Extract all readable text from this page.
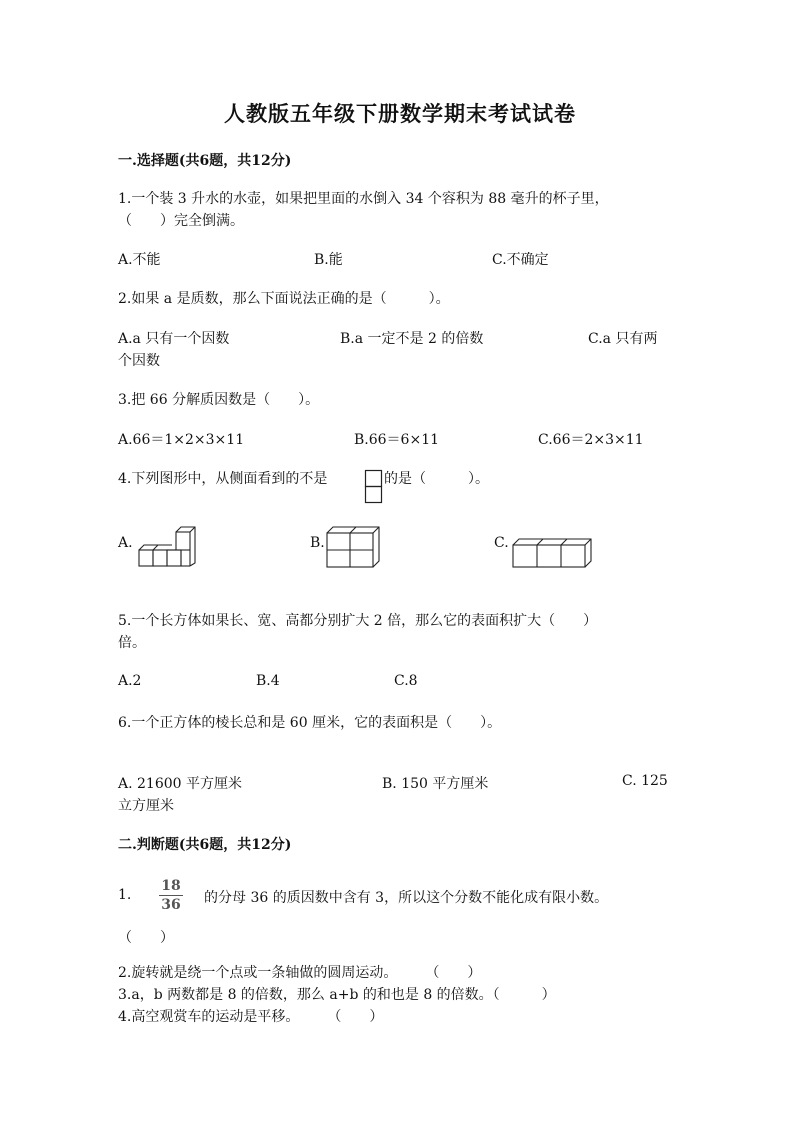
人教版五年级下册数学期末考试试卷
一.选择题(共6题，共12分)
1.一个装 3 升水的水壶，如果把里面的水倒入 34 个容积为 88 毫升的杯子里，
（　　）完全倒满。
A.不能	B.能	C.不确定
2.如果 a 是质数，那么下面说法正确的是（　　　）。
A.a 只有一个因数	B.a 一定不是 2 的倍数	C.a 只有两
个因数
3.把 66 分解质因数是（　　）。
A.66＝1×2×3×11	B.66＝6×11	C.66＝2×3×11
4.下列图形中，从侧面看到的不是	的是（　　　）。
A.	B.	C.
5.一个长方体如果长、宽、高都分别扩大 2 倍，那么它的表面积扩大（　　）
倍。
A.2	B.4	C.8
6.一个正方体的棱长总和是 60 厘米，它的表面积是（　　）。
A. 21600 平方厘米	B. 150 平方厘米	C. 125
立方厘米
二.判断题(共6题，共12分)
1.
18
36	的分母 36 的质因数中含有 3，所以这个分数不能化成有限小数。
（　　）
2.旋转就是绕一个点或一条轴做的圆周运动。　　　（　　）
3.a，b 两数都是 8 的倍数，那么 a+b 的和也是 8 的倍数。（　　　）
4.高空观赏车的运动是平移。　　　（　　）
